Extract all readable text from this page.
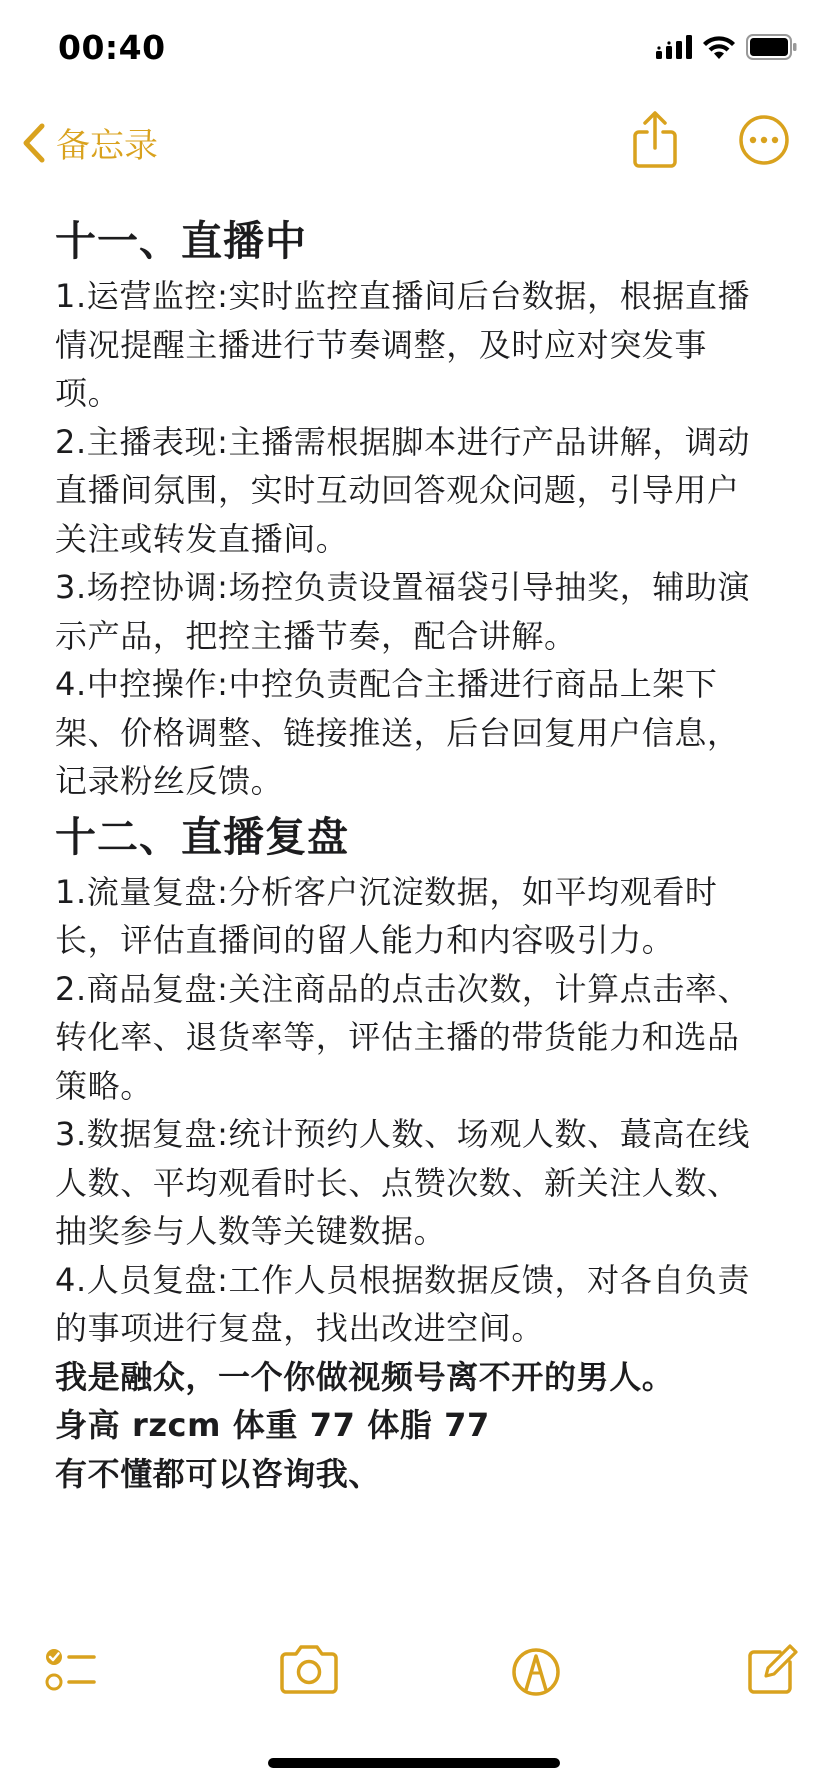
00:40
备忘录
十一、直播中

1.运营监控:实时监控直播间后台数据，根据直播情况提醒主播进行节奏调整，及时应对突发事项。

2.主播表现:主播需根据脚本进行产品讲解，调动直播间氛围，实时互动回答观众问题，引导用户关注或转发直播间。

3.场控协调:场控负责设置福袋引导抽奖，辅助演示产品，把控主播节奏，配合讲解。

4.中控操作:中控负责配合主播进行商品上架下架、价格调整、链接推送，后台回复用户信息，记录粉丝反馈。

十二、直播复盘

1.流量复盘:分析客户沉淀数据，如平均观看时长，评估直播间的留人能力和内容吸引力。

2.商品复盘:关注商品的点击次数，计算点击率、转化率、退货率等，评估主播的带货能力和选品策略。

3.数据复盘:统计预约人数、场观人数、蕞高在线人数、平均观看时长、点赞次数、新关注人数、抽奖参与人数等关键数据。

4.人员复盘:工作人员根据数据反馈，对各自负责的事项进行复盘，找出改进空间。

我是融众，一个你做视频号离不开的男人。

身高 rzcm 体重 77 体脂 77

有不懂都可以咨询我、
